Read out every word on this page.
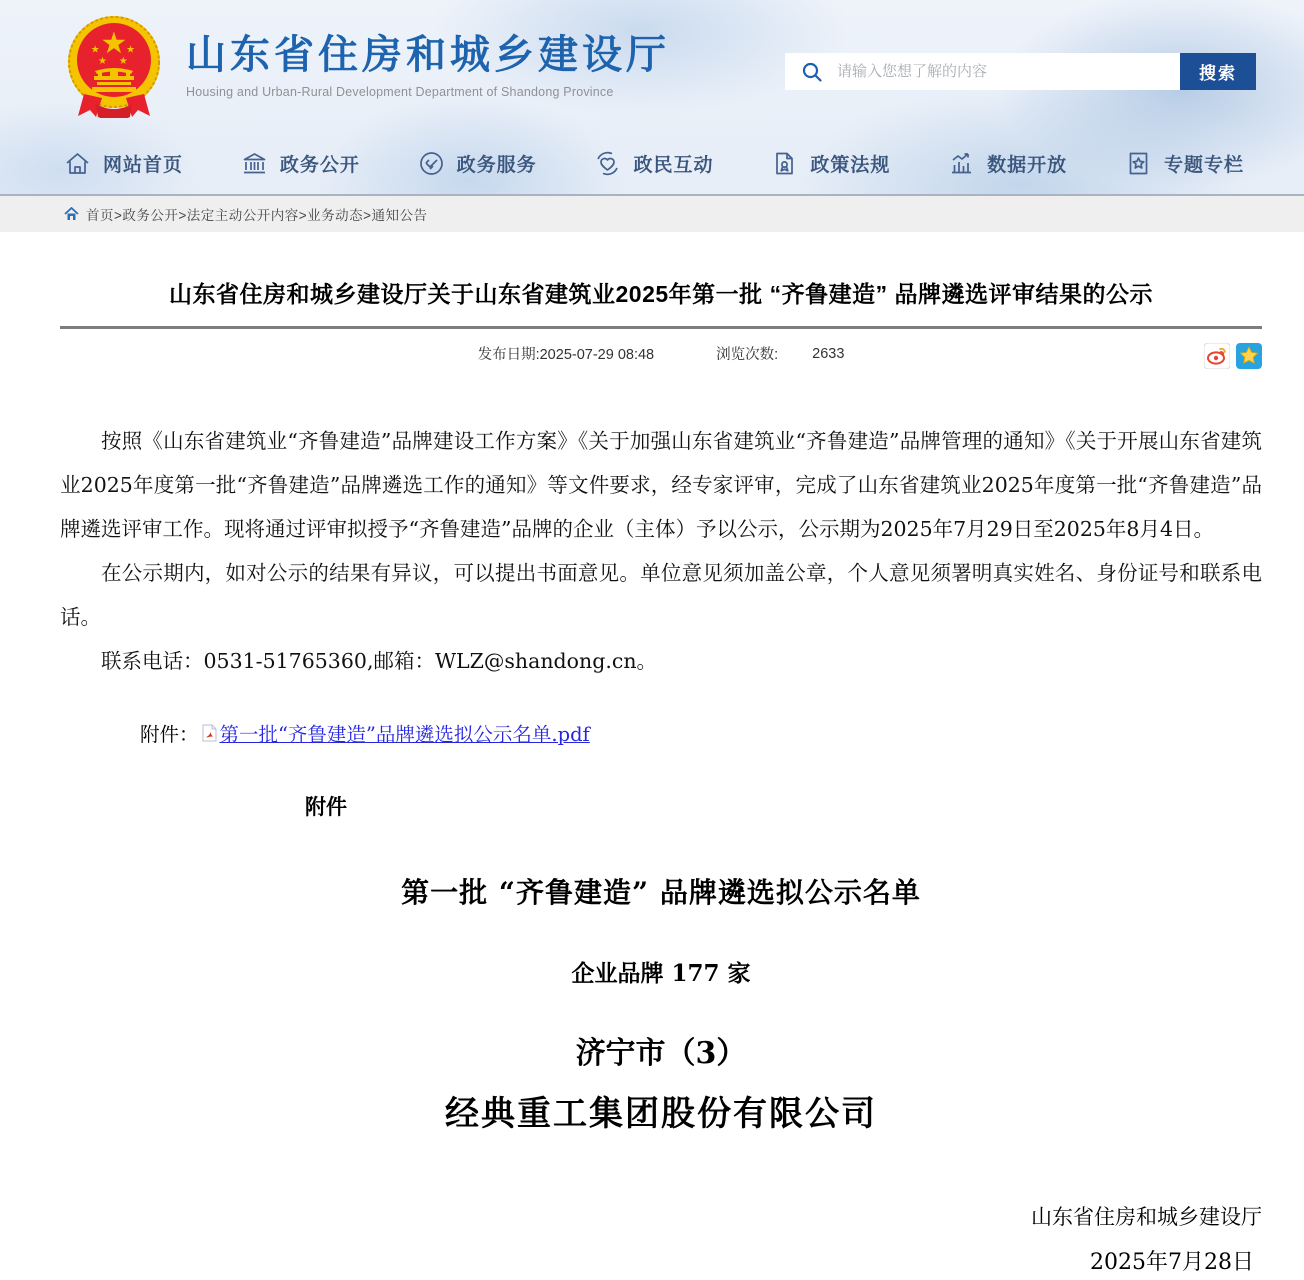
山东省住房和城乡建设厅
Housing and Urban-Rural Development Department of Shandong Province
请输入您想了解的内容
搜索
网站首页	政务公开	政务服务	政民互动	政策法规	数据开放	专题专栏
首页>政务公开>法定主动公开内容>业务动态>通知公告
山东省住房和城乡建设厅关于山东省建筑业2025年第一批 “齐鲁建造” 品牌遴选评审结果的公示
发布日期:2025-07-29 08:48	浏览次数: 2633

按照《山东省建筑业“齐鲁建造”品牌建设工作方案》《关于加强山东省建筑业“齐鲁建造”品牌管理的通知》《关于开展山东省建筑业2025年度第一批“齐鲁建造”品牌遴选工作的通知》等文件要求，经专家评审，完成了山东省建筑业2025年度第一批“齐鲁建造”品牌遴选评审工作。现将通过评审拟授予“齐鲁建造”品牌的企业（主体）予以公示，公示期为2025年7月29日至2025年8月4日。

在公示期内，如对公示的结果有异议，可以提出书面意见。单位意见须加盖公章，个人意见须署明真实姓名、身份证号和联系电话。

联系电话：0531-51765360,邮箱：WLZ@shandong.cn。

附件： 第一批“齐鲁建造”品牌遴选拟公示名单.pdf
附件
第一批 “齐鲁建造” 品牌遴选拟公示名单
企业品牌 177 家
济宁市（3）
经典重工集团股份有限公司
山东省住房和城乡建设厅
2025年7月28日
